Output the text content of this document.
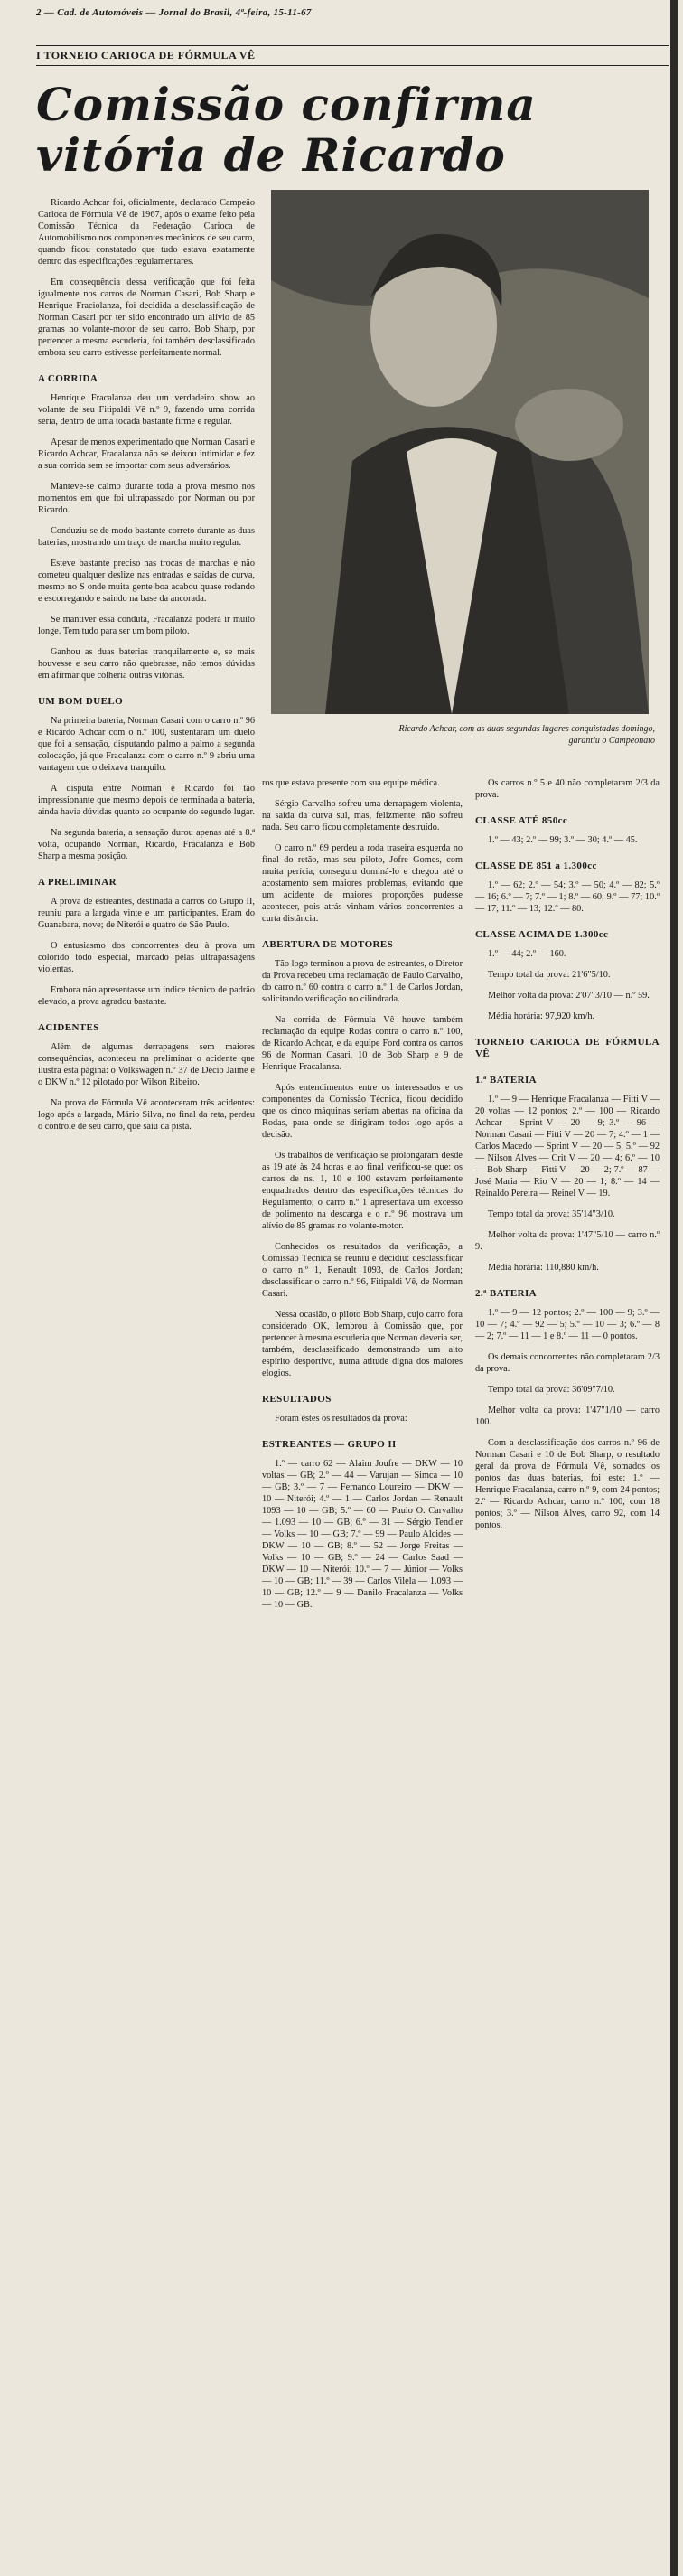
2 — Cad. de Automóveis — Jornal do Brasil, 4ª-feira, 15-11-67
I TORNEIO CARIOCA DE FÓRMULA VÊ
Comissão confirma vitória de Ricardo
Ricardo Achcar, com as duas segundas lugares conquistadas domingo, garantiu o Campeonato

Ricardo Achcar foi, oficialmente, declarado Campeão Carioca de Fórmula Vê de 1967, após o exame feito pela Comissão Técnica da Federação Carioca de Automobilismo nos componentes mecânicos de seu carro, quando ficou constatado que tudo estava exatamente dentro das especificações regulamentares.

Em consequência dessa verificação que foi feita igualmente nos carros de Norman Casari, Bob Sharp e Henrique Fraciolanza, foi decidida a desclassificação de Norman Casari por ter sido encontrado um alívio de 85 gramas no volante-motor de seu carro. Bob Sharp, por pertencer a mesma escuderia, foi também desclassificado embora seu carro estivesse perfeitamente normal.

A CORRIDA

Henrique Fracalanza deu um verdadeiro show ao volante de seu Fitipaldi Vê n.º 9, fazendo uma corrida séria, dentro de uma tocada bastante firme e regular.

Apesar de menos experimentado que Norman Casari e Ricardo Achcar, Fracalanza não se deixou intimidar e fez a sua corrida sem se importar com seus adversários.

Manteve-se calmo durante toda a prova mesmo nos momentos em que foi ultrapassado por Norman ou por Ricardo.

Conduziu-se de modo bastante correto durante as duas baterias, mostrando um traço de marcha muito regular.

Esteve bastante preciso nas trocas de marchas e não cometeu qualquer deslize nas entradas e saídas de curva, mesmo no S onde muita gente boa acabou quase rodando e escorregando e saindo na base da ancorada.

Se mantiver essa conduta, Fracalanza poderá ir muito longe. Tem tudo para ser um bom piloto.

Ganhou as duas baterias tranquilamente e, se mais houvesse e seu carro não quebrasse, não temos dúvidas em afirmar que colheria outras vitórias.

UM BOM DUELO

Na primeira bateria, Norman Casari com o carro n.º 96 e Ricardo Achcar com o n.º 100, sustentaram um duelo que foi a sensação, disputando palmo a palmo a segunda colocação, já que Fracalanza com o carro n.º 9 abriu uma vantagem que o deixava tranquilo.

A disputa entre Norman e Ricardo foi tão impressionante que mesmo depois de terminada a bateria, ainda havia dúvidas quanto ao ocupante do segundo lugar.

Na segunda bateria, a sensação durou apenas até a 8.ª volta, ocupando Norman, Ricardo, Fracalanza e Bob Sharp a mesma posição.

A PRELIMINAR

A prova de estreantes, destinada a carros do Grupo II, reuniu para a largada vinte e um participantes. Eram do Guanabara, nove; de Niterói e quatro de São Paulo.

O entusiasmo dos concorrentes deu à prova um colorido todo especial, marcado pelas ultrapassagens violentas.

Embora não apresentasse um índice técnico de padrão elevado, a prova agradou bastante.

ACIDENTES

Além de algumas derrapagens sem maiores consequências, aconteceu na preliminar o acidente que ilustra esta página: o Volkswagen n.º 37 de Décio Jaime e o DKW n.º 12 pilotado por Wilson Ribeiro.

Na prova de Fórmula Vê aconteceram três acidentes: logo após a largada, Mário Silva, no final da reta, perdeu o controle de seu carro, que saiu da pista.

ros que estava presente com sua equipe médica.

Sérgio Carvalho sofreu uma derrapagem violenta, na saída da curva sul, mas, felizmente, não sofreu nada. Seu carro ficou completamente destruído.

O carro n.º 69 perdeu a roda traseira esquerda no final do retão, mas seu piloto, Jofre Gomes, com muita perícia, conseguiu dominá-lo e chegou até o acostamento sem maiores problemas, evitando que um acidente de maiores proporções pudesse acontecer, pois atrás vinham vários concorrentes a curta distância.

ABERTURA DE MOTORES

Tão logo terminou a prova de estreantes, o Diretor da Prova recebeu uma reclamação de Paulo Carvalho, do carro n.º 60 contra o carro n.º 1 de Carlos Jordan, solicitando verificação no cilindrada.

Na corrida de Fórmula Vê houve também reclamação da equipe Rodas contra o carro n.º 100, de Ricardo Achcar, e da equipe Ford contra os carros 96 de Norman Casari, 10 de Bob Sharp e 9 de Henrique Fracalanza.

Após entendimentos entre os interessados e os componentes da Comissão Técnica, ficou decidido que os cinco máquinas seriam abertas na oficina da Rodas, para onde se dirigiram todos logo após a decisão.

Os trabalhos de verificação se prolongaram desde as 19 até às 24 horas e ao final verificou-se que: os carros de ns. 1, 10 e 100 estavam perfeitamente enquadrados dentro das especificações técnicas do Regulamento; o carro n.º 1 apresentava um excesso de polimento na descarga e o n.º 96 mostrava um alívio de 85 gramas no volante-motor.

Conhecidos os resultados da verificação, a Comissão Técnica se reuniu e decidiu: desclassificar o carro n.º 1, Renault 1093, de Carlos Jordan; desclassificar o carro n.º 96, Fitipaldi Vê, de Norman Casari.

Nessa ocasião, o piloto Bob Sharp, cujo carro fora considerado OK, lembrou à Comissão que, por pertencer à mesma escuderia que Norman deveria ser, também, desclassificado demonstrando um alto espírito desportivo, numa atitude digna dos maiores elogios.

RESULTADOS

Foram êstes os resultados da prova:

ESTREANTES — GRUPO II

1.º — carro 62 — Alaim Joufre — DKW — 10 voltas — GB; 2.º — 44 — Varujan — Simca — 10 — GB; 3.º — 7 — Fernando Loureiro — DKW — 10 — Niterói; 4.º — 1 — Carlos Jordan — Renault 1093 — 10 — GB; 5.º — 60 — Paulo O. Carvalho — 1.093 — 10 — GB; 6.º — 31 — Sérgio Tendler — Volks — 10 — GB; 7.º — 99 — Paulo Alcides — DKW — 10 — GB; 8.º — 52 — Jorge Freitas — Volks — 10 — GB; 9.º — 24 — Carlos Saad — DKW — 10 — Niterói; 10.º — 7 — Júnior — Volks — 10 — GB; 11.º — 39 — Carlos Vilela — 1.093 — 10 — GB; 12.º — 9 — Danilo Fracalanza — Volks — 10 — GB.

Os carros n.º 5 e 40 não completaram 2/3 da prova.

CLASSE ATÉ 850cc

1.º — 43; 2.º — 99; 3.º — 30; 4.º — 45.

CLASSE DE 851 a 1.300cc

1.º — 62; 2.º — 54; 3.º — 50; 4.º — 82; 5.º — 16; 6.º — 7; 7.º — 1; 8.º — 60; 9.º — 77; 10.º — 17; 11.º — 13; 12.º — 80.

CLASSE ACIMA DE 1.300cc

1.º — 44; 2.º — 160.

Tempo total da prova: 21'6"5/10.

Melhor volta da prova: 2'07"3/10 — n.º 59.

Média horária: 97,920 km/h.

TORNEIO CARIOCA DE FÓRMULA VÊ
1.ª BATERIA

1.º — 9 — Henrique Fracalanza — Fitti V — 20 voltas — 12 pontos; 2.º — 100 — Ricardo Achcar — Sprint V — 20 — 9; 3.º — 96 — Norman Casari — Fitti V — 20 — 7; 4.º — 1 — Carlos Macedo — Sprint V — 20 — 5; 5.º — 92 — Nilson Alves — Crit V — 20 — 4; 6.º — 10 — Bob Sharp — Fitti V — 20 — 2; 7.º — 87 — José Maria — Rio V — 20 — 1; 8.º — 14 — Reinaldo Pereira — Reinel V — 19.

Tempo total da prova: 35'14"3/10.

Melhor volta da prova: 1'47"5/10 — carro n.º 9.

Média horária: 110,880 km/h.

2.ª BATERIA

1.º — 9 — 12 pontos; 2.º — 100 — 9; 3.º — 10 — 7; 4.º — 92 — 5; 5.º — 10 — 3; 6.º — 8 — 2; 7.º — 11 — 1 e 8.º — 11 — 0 pontos.

Os demais concorrentes não completaram 2/3 da prova.

Tempo total da prova: 36'09"7/10.

Melhor volta da prova: 1'47"1/10 — carro 100.

Com a desclassificação dos carros n.º 96 de Norman Casari e 10 de Bob Sharp, o resultado geral da prova de Fórmula Vê, somados os pontos das duas baterias, foi este: 1.º — Henrique Fracalanza, carro n.º 9, com 24 pontos; 2.º — Ricardo Achcar, carro n.º 100, com 18 pontos; 3.º — Nilson Alves, carro 92, com 14 pontos.
